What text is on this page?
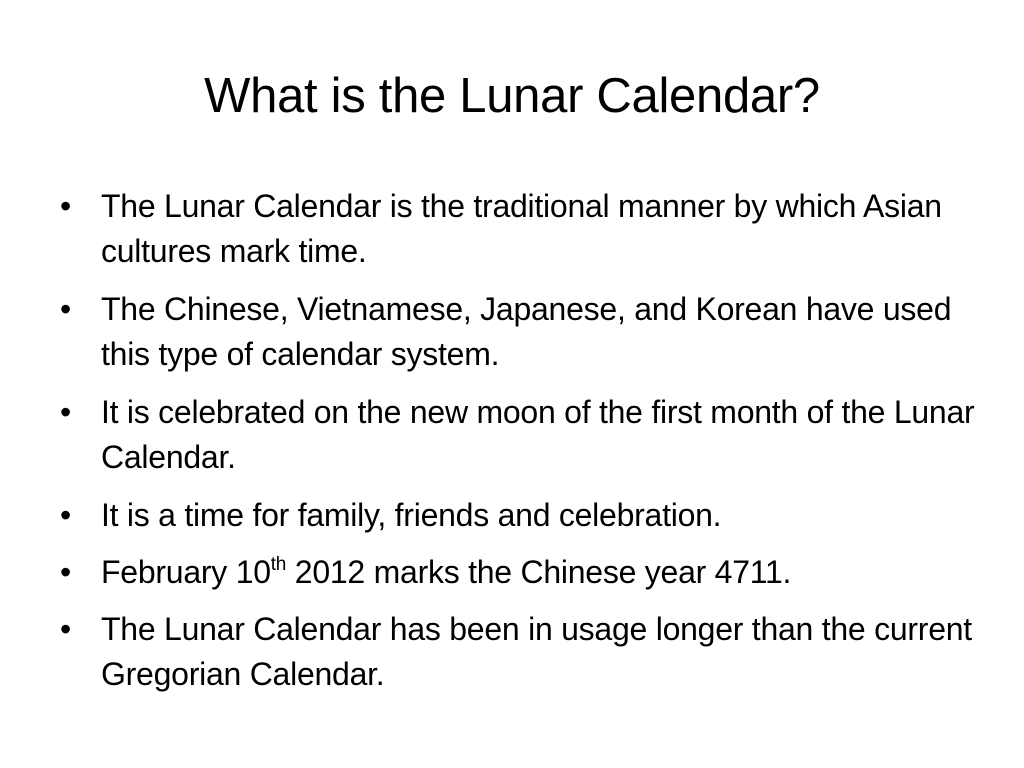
What is the Lunar Calendar?
• The Lunar Calendar is the traditional manner by which Asian cultures mark time.
• The Chinese, Vietnamese, Japanese, and Korean have used this type of calendar system.
• It is celebrated on the new moon of the first month of the Lunar Calendar.
• It is a time for family, friends and celebration.
• February 10th 2012 marks the Chinese year 4711.
• The Lunar Calendar has been in usage longer than the current Gregorian Calendar.
